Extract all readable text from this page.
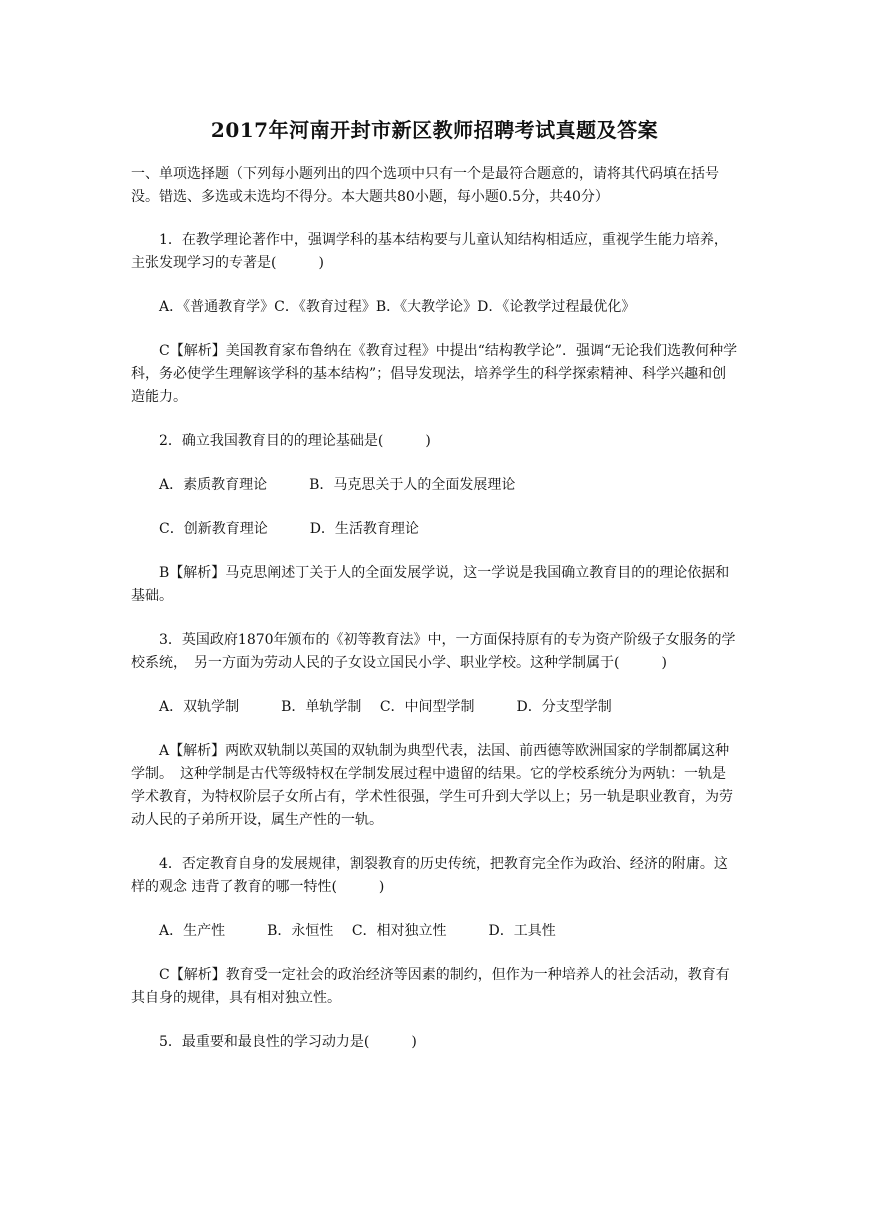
2017年河南开封市新区教师招聘考试真题及答案

一、单项选择题（下列每小题列出的四个选项中只有一个是最符合题意的，请将其代码填在括号没。错选、多选或未选均不得分。本大题共80小题，每小题0.5分，共40分）

1．在教学理论著作中，强调学科的基本结构要与儿童认知结构相适应，重视学生能力培养，主张发现学习的专著是(　　　)

A．《普通教育学》C．《教育过程》B．《大教学论》D．《论教学过程最优化》

C【解析】美国教育家布鲁纳在《教育过程》中提出“结构教学论”．强调“无论我们选教何种学科，务必使学生理解该学科的基本结构”；倡导发现法，培养学生的科学探索精神、科学兴趣和创造能力。

2．确立我国教育目的的理论基础是(　　　)

A．素质教育理论　　　B．马克思关于人的全面发展理论

C．创新教育理论　　　D．生活教育理论

B【解析】马克思阐述丁关于人的全面发展学说，这一学说是我国确立教育目的的理论依据和基础。

3．英国政府1870年颁布的《初等教育法》中，一方面保持原有的专为资产阶级子女服务的学校系统，　另一方面为劳动人民的子女设立国民小学、职业学校。这种学制属于(　　　)

A．双轨学制　　　B．单轨学制　 C．中间型学制　　　D．分支型学制

A【解析】两欧双轨制以英国的双轨制为典型代表，法国、前西德等欧洲国家的学制都属这种学制。　这种学制是古代等级特权在学制发展过程中遗留的结果。它的学校系统分为两轨：一轨是学术教育，为特权阶层子女所占有，学术性很强，学生可升到大学以上；另一轨是职业教育，为劳动人民的子弟所开设，属生产性的一轨。

4．否定教育自身的发展规律，割裂教育的历史传统，把教育完全作为政治、经济的附庸。这样的观念 违背了教育的哪一特性(　　　)

A．生产性　　　B．永恒性　 C．相对独立性　　　D．工具性

C【解析】教育受一定社会的政治经济等因素的制约，但作为一种培养人的社会活动，教育有其自身的规律，具有相对独立性。

5．最重要和最良性的学习动力是(　　　)
